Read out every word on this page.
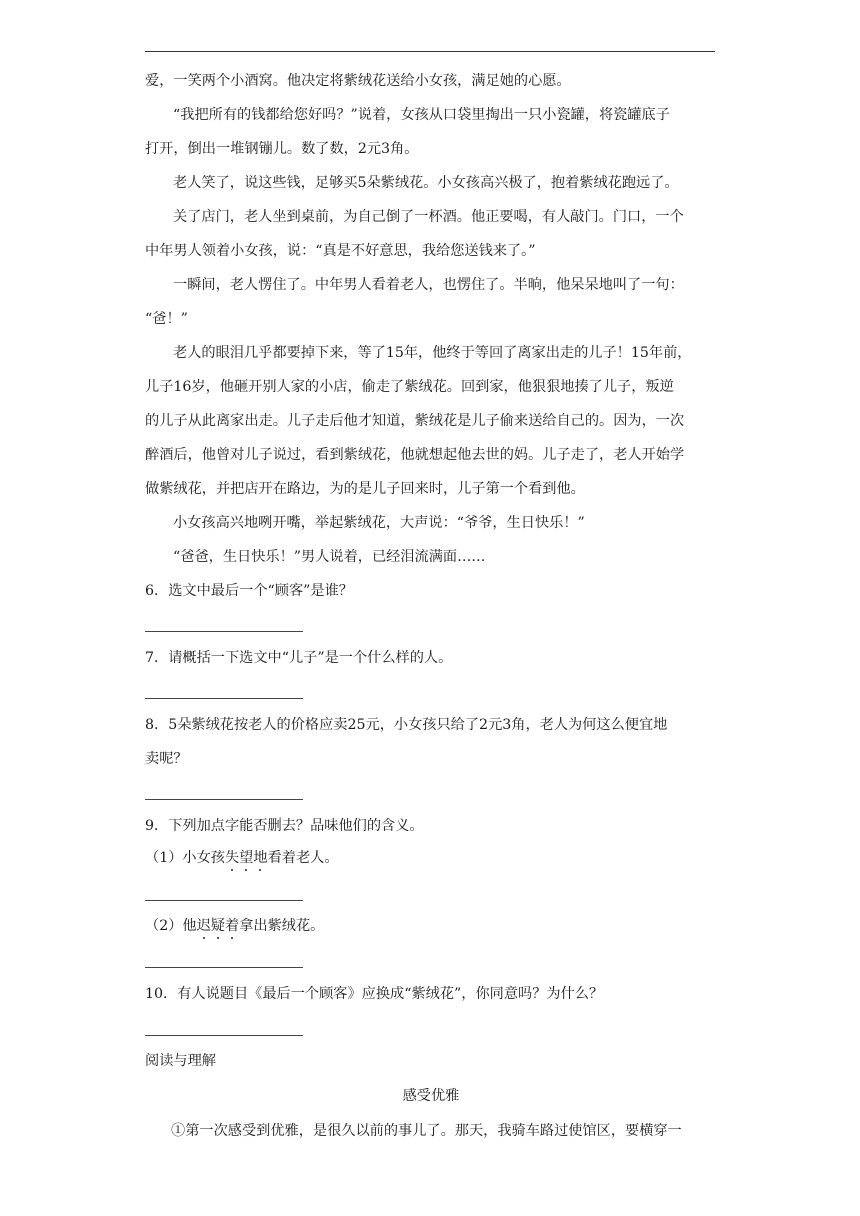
爱，一笑两个小酒窝。他决定将紫绒花送给小女孩，满足她的心愿。
“我把所有的钱都给您好吗？”说着，女孩从口袋里掏出一只小瓷罐，将瓷罐底子
打开，倒出一堆钢镚儿。数了数，2元3角。
老人笑了，说这些钱，足够买5朵紫绒花。小女孩高兴极了，抱着紫绒花跑远了。
关了店门，老人坐到桌前，为自己倒了一杯酒。他正要喝，有人敲门。门口，一个
中年男人领着小女孩，说：“真是不好意思，我给您送钱来了。”
一瞬间，老人愣住了。中年男人看着老人，也愣住了。半晌，他呆呆地叫了一句：
“爸！”
老人的眼泪几乎都要掉下来，等了15年，他终于等回了离家出走的儿子！15年前，
儿子16岁，他砸开别人家的小店，偷走了紫绒花。回到家，他狠狠地揍了儿子，叛逆
的儿子从此离家出走。儿子走后他才知道，紫绒花是儿子偷来送给自己的。因为，一次
醉酒后，他曾对儿子说过，看到紫绒花，他就想起他去世的妈。儿子走了，老人开始学
做紫绒花，并把店开在路边，为的是儿子回来时，儿子第一个看到他。
小女孩高兴地咧开嘴，举起紫绒花，大声说：“爷爷，生日快乐！”
“爸爸，生日快乐！”男人说着，已经泪流满面……
6．选文中最后一个“顾客”是谁？
7．请概括一下选文中“儿子”是一个什么样的人。
8．5朵紫绒花按老人的价格应卖25元，小女孩只给了2元3角，老人为何这么便宜地
卖呢？
9．下列加点字能否删去？品味他们的含义。
（1）小女孩失望地看着老人。
（2）他迟疑着拿出紫绒花。
10．有人说题目《最后一个顾客》应换成“紫绒花”，你同意吗？为什么？
阅读与理解
感受优雅
①第一次感受到优雅，是很久以前的事儿了。那天，我骑车路过使馆区，要横穿一
